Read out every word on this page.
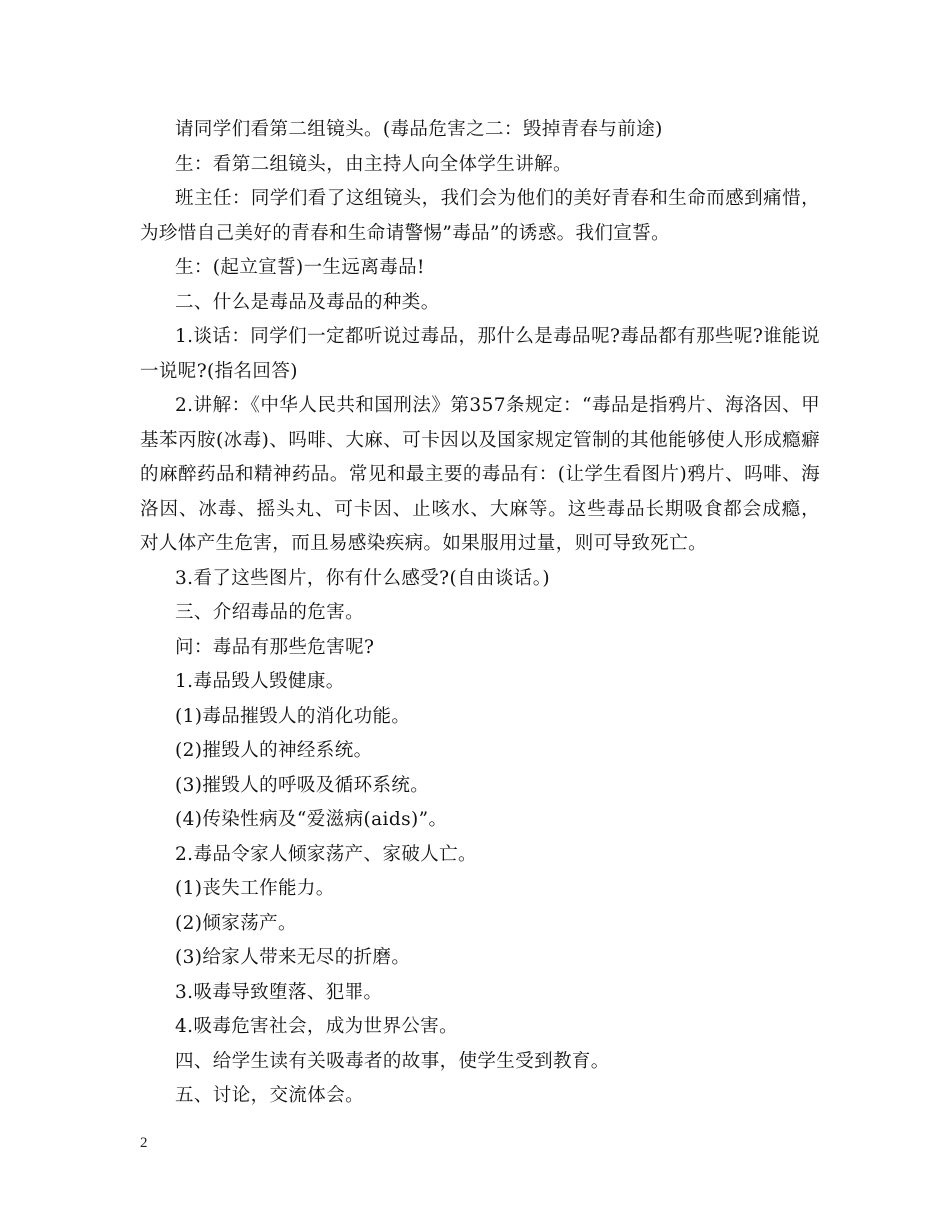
请同学们看第二组镜头。(毒品危害之二：毁掉青春与前途)

生：看第二组镜头，由主持人向全体学生讲解。

班主任：同学们看了这组镜头，我们会为他们的美好青春和生命而感到痛惜，为珍惜自己美好的青春和生命请警惕”毒品”的诱惑。我们宣誓。

生：(起立宣誓)一生远离毒品!

二、什么是毒品及毒品的种类。

1.谈话：同学们一定都听说过毒品，那什么是毒品呢?毒品都有那些呢?谁能说一说呢?(指名回答)

2.讲解：《中华人民共和国刑法》第357条规定：“毒品是指鸦片、海洛因、甲基苯丙胺(冰毒)、吗啡、大麻、可卡因以及国家规定管制的其他能够使人形成瘾癖的麻醉药品和精神药品。常见和最主要的毒品有：(让学生看图片)鸦片、吗啡、海洛因、冰毒、摇头丸、可卡因、止咳水、大麻等。这些毒品长期吸食都会成瘾，对人体产生危害，而且易感染疾病。如果服用过量，则可导致死亡。

3.看了这些图片，你有什么感受?(自由谈话。)

三、介绍毒品的危害。

问：毒品有那些危害呢?

1.毒品毁人毁健康。

(1)毒品摧毁人的消化功能。

(2)摧毁人的神经系统。

(3)摧毁人的呼吸及循环系统。

(4)传染性病及“爱滋病(aids)”。

2.毒品令家人倾家荡产、家破人亡。

(1)丧失工作能力。

(2)倾家荡产。

(3)给家人带来无尽的折磨。

3.吸毒导致堕落、犯罪。

4.吸毒危害社会，成为世界公害。

四、给学生读有关吸毒者的故事，使学生受到教育。

五、讨论，交流体会。

2
